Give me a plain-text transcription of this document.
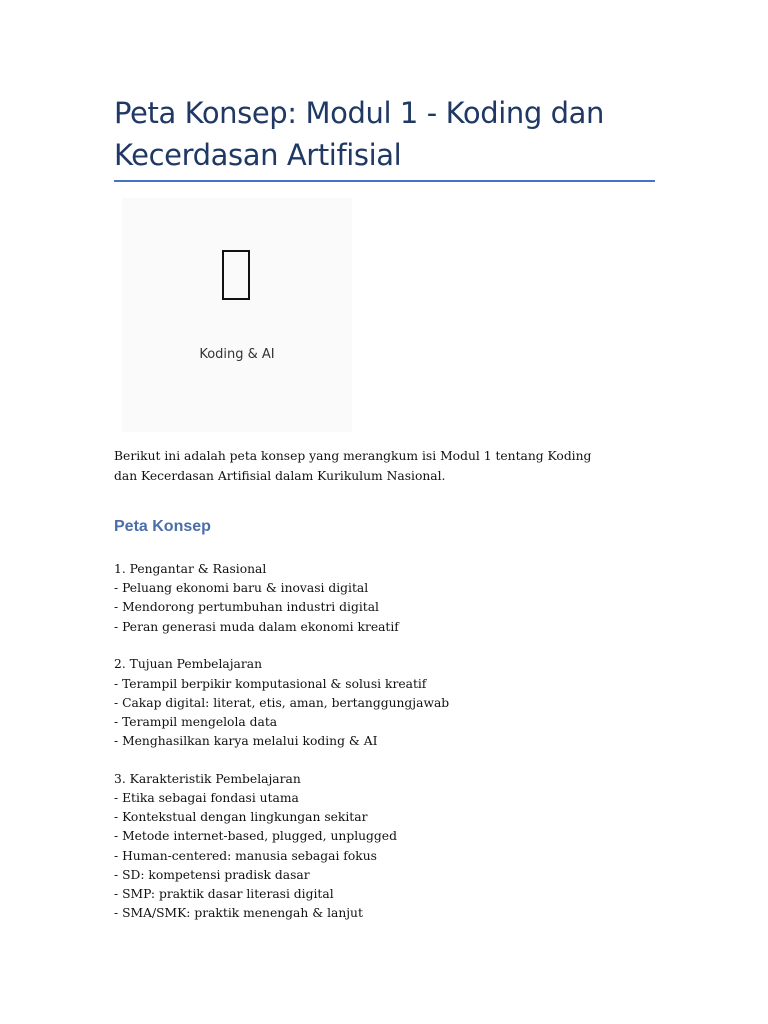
Peta Konsep: Modul 1 - Koding dan Kecerdasan Artifisial
Koding & AI

Berikut ini adalah peta konsep yang merangkum isi Modul 1 tentang Koding dan Kecerdasan Artifisial dalam Kurikulum Nasional.

Peta Konsep
1. Pengantar & Rasional
- Peluang ekonomi baru & inovasi digital
- Mendorong pertumbuhan industri digital
- Peran generasi muda dalam ekonomi kreatif
2. Tujuan Pembelajaran
- Terampil berpikir komputasional & solusi kreatif
- Cakap digital: literat, etis, aman, bertanggungjawab
- Terampil mengelola data
- Menghasilkan karya melalui koding & AI
3. Karakteristik Pembelajaran
- Etika sebagai fondasi utama
- Kontekstual dengan lingkungan sekitar
- Metode internet-based, plugged, unplugged
- Human-centered: manusia sebagai fokus
- SD: kompetensi pradisk dasar
- SMP: praktik dasar literasi digital
- SMA/SMK: praktik menengah & lanjut
